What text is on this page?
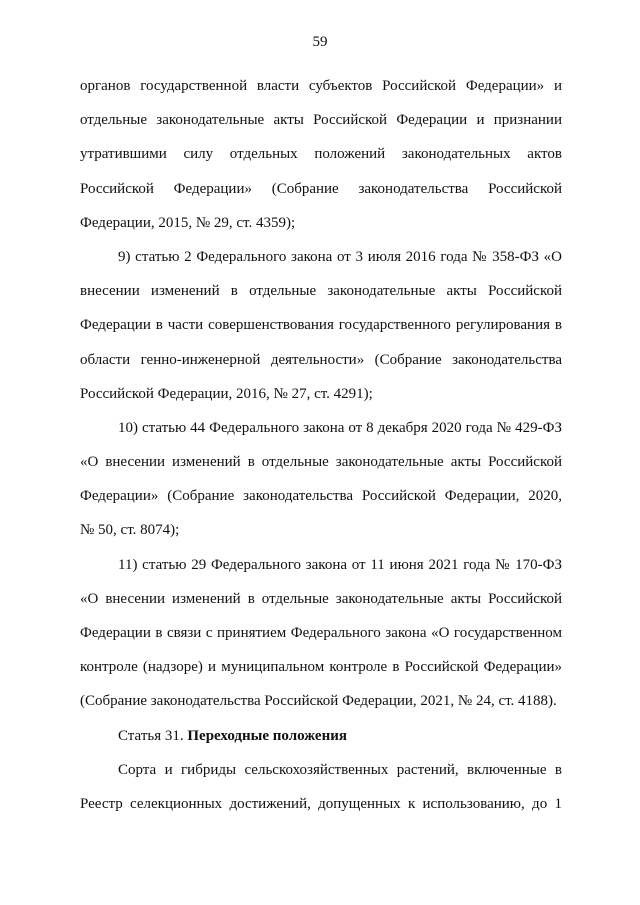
59
органов государственной власти субъектов Российской Федерации» и
отдельные законодательные акты Российской Федерации и признании
утратившими силу отдельных положений законодательных актов
Российской Федерации» (Собрание законодательства Российской
Федерации, 2015, № 29, ст. 4359);
9) статью 2 Федерального закона от 3 июля 2016 года № 358-ФЗ «О
внесении изменений в отдельные законодательные акты Российской
Федерации в части совершенствования государственного регулирования в
области генно-инженерной деятельности» (Собрание законодательства
Российской Федерации, 2016, № 27, ст. 4291);
10) статью 44 Федерального закона от 8 декабря 2020 года № 429-ФЗ
«О внесении изменений в отдельные законодательные акты Российской
Федерации» (Собрание законодательства Российской Федерации, 2020,
№ 50, ст. 8074);
11) статью 29 Федерального закона от 11 июня 2021 года № 170-ФЗ
«О внесении изменений в отдельные законодательные акты Российской
Федерации в связи с принятием Федерального закона «О государственном
контроле (надзоре) и муниципальном контроле в Российской Федерации»
(Собрание законодательства Российской Федерации, 2021, № 24, ст. 4188).
Статья 31. Переходные положения
Сорта и гибриды сельскохозяйственных растений, включенные в
Реестр селекционных достижений, допущенных к использованию, до 1
